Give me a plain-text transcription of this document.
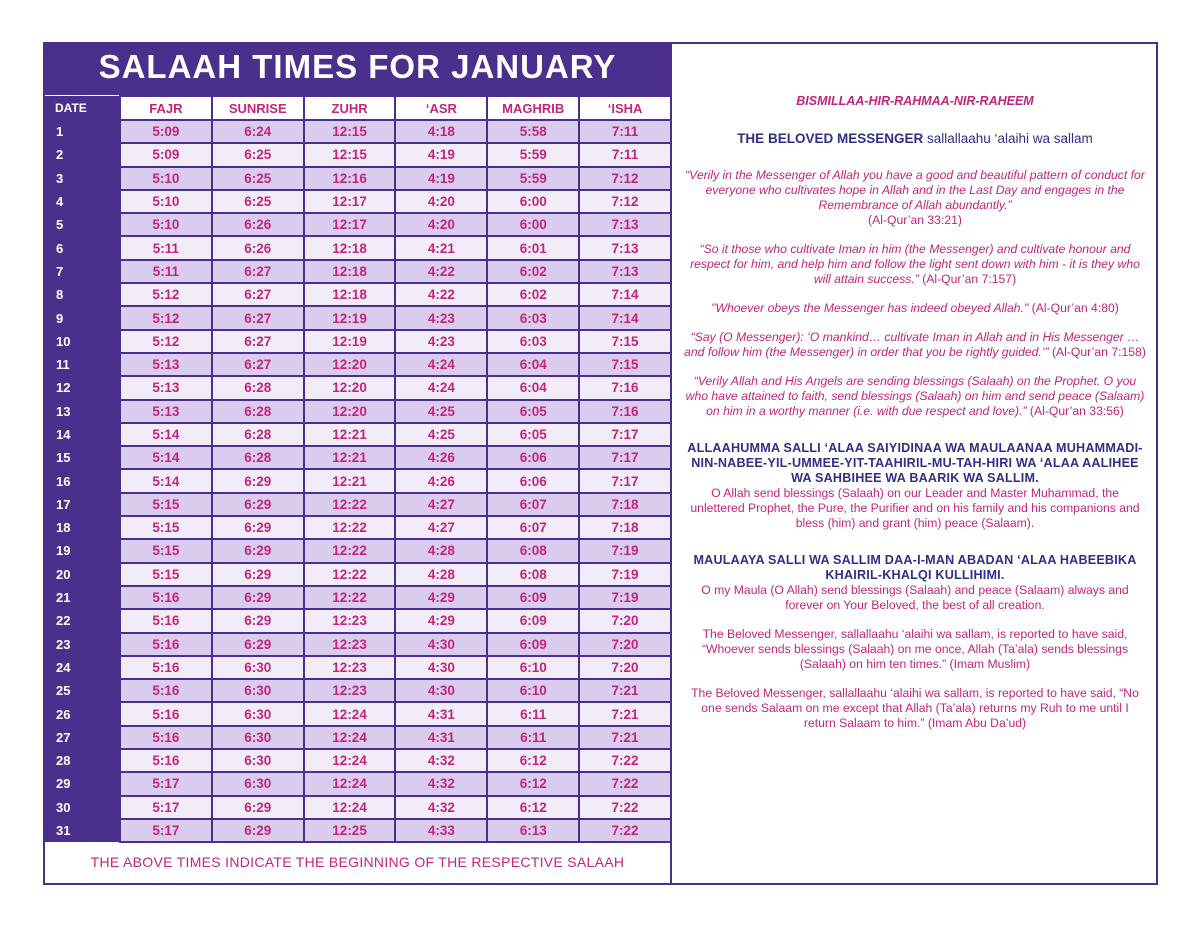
SALAAH TIMES FOR JANUARY
DATE	FAJR	SUNRISE	ZUHR	‘ASR	MAGHRIB	‘ISHA
1	5:09	6:24	12:15	4:18	5:58	7:11
2	5:09	6:25	12:15	4:19	5:59	7:11
3	5:10	6:25	12:16	4:19	5:59	7:12
4	5:10	6:25	12:17	4:20	6:00	7:12
5	5:10	6:26	12:17	4:20	6:00	7:13
6	5:11	6:26	12:18	4:21	6:01	7:13
7	5:11	6:27	12:18	4:22	6:02	7:13
8	5:12	6:27	12:18	4:22	6:02	7:14
9	5:12	6:27	12:19	4:23	6:03	7:14
10	5:12	6:27	12:19	4:23	6:03	7:15
11	5:13	6:27	12:20	4:24	6:04	7:15
12	5:13	6:28	12:20	4:24	6:04	7:16
13	5:13	6:28	12:20	4:25	6:05	7:16
14	5:14	6:28	12:21	4:25	6:05	7:17
15	5:14	6:28	12:21	4:26	6:06	7:17
16	5:14	6:29	12:21	4:26	6:06	7:17
17	5:15	6:29	12:22	4:27	6:07	7:18
18	5:15	6:29	12:22	4:27	6:07	7:18
19	5:15	6:29	12:22	4:28	6:08	7:19
20	5:15	6:29	12:22	4:28	6:08	7:19
21	5:16	6:29	12:22	4:29	6:09	7:19
22	5:16	6:29	12:23	4:29	6:09	7:20
23	5:16	6:29	12:23	4:30	6:09	7:20
24	5:16	6:30	12:23	4:30	6:10	7:20
25	5:16	6:30	12:23	4:30	6:10	7:21
26	5:16	6:30	12:24	4:31	6:11	7:21
27	5:16	6:30	12:24	4:31	6:11	7:21
28	5:16	6:30	12:24	4:32	6:12	7:22
29	5:17	6:30	12:24	4:32	6:12	7:22
30	5:17	6:29	12:24	4:32	6:12	7:22
31	5:17	6:29	12:25	4:33	6:13	7:22
THE ABOVE TIMES INDICATE THE BEGINNING OF THE RESPECTIVE SALAAH

BISMILLAA-HIR-RAHMAA-NIR-RAHEEM

THE BELOVED MESSENGER sallallaahu ‘alaihi wa sallam

“Verily in the Messenger of Allah you have a good and beautiful pattern of conduct for everyone who cultivates hope in Allah and in the Last Day and engages in the Remembrance of Allah abundantly.”
(Al-Qur’an 33:21)

“So it those who cultivate Iman in him (the Messenger) and cultivate honour and respect for him, and help him and follow the light sent down with him - it is they who will attain success.” (Al-Qur’an 7:157)

"Whoever obeys the Messenger has indeed obeyed Allah." (Al-Qur’an 4:80)

“Say (O Messenger): ‘O mankind… cultivate Iman in Allah and in His Messenger … and follow him (the Messenger) in order that you be rightly guided.’” (Al-Qur’an 7:158)

“Verily Allah and His Angels are sending blessings (Salaah) on the Prophet. O you who have attained to faith, send blessings (Salaah) on him and send peace (Salaam) on him in a worthy manner (i.e. with due respect and love).” (Al-Qur’an 33:56)

ALLAAHUMMA SALLI ‘ALAA SAIYIDINAA WA MAULAANAA MUHAMMADI-NIN-NABEE-YIL-UMMEE-YIT-TAAHIRIL-MU-TAH-HIRI WA ‘ALAA AALIHEE WA SAHBIHEE WA BAARIK WA SALLIM.

O Allah send blessings (Salaah) on our Leader and Master Muhammad, the unlettered Prophet, the Pure, the Purifier and on his family and his companions and bless (him) and grant (him) peace (Salaam).

MAULAAYA SALLI WA SALLIM DAA-I-MAN ABADAN ‘ALAA HABEEBIKA KHAIRIL-KHALQI KULLIHIMI.

O my Maula (O Allah) send blessings (Salaah) and peace (Salaam) always and forever on Your Beloved, the best of all creation.

The Beloved Messenger, sallallaahu ‘alaihi wa sallam, is reported to have said, “Whoever sends blessings (Salaah) on me once, Allah (Ta’ala) sends blessings (Salaah) on him ten times.” (Imam Muslim)

The Beloved Messenger, sallallaahu ‘alaihi wa sallam, is reported to have said, “No one sends Salaam on me except that Allah (Ta’ala) returns my Ruh to me until I return Salaam to him.” (Imam Abu Da’ud)
